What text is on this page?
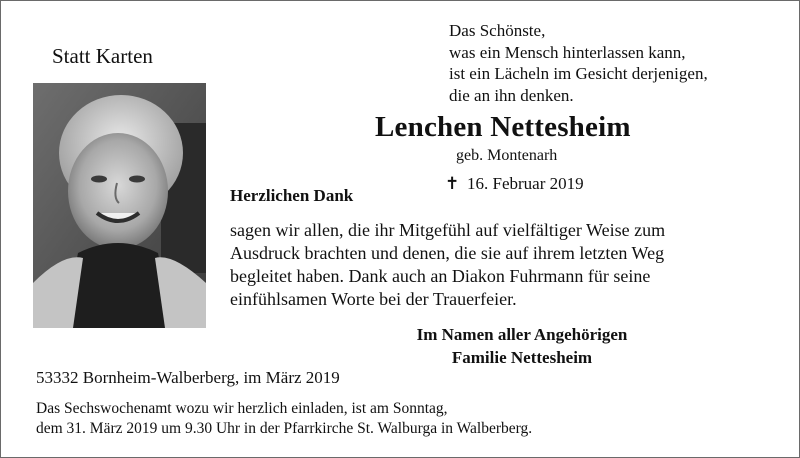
Statt Karten
Das Schönste,
was ein Mensch hinterlassen kann,
ist ein Lächeln im Gesicht derjenigen,
die an ihn denken.
Lenchen Nettesheim
geb. Montenarh
✝ 16. Februar 2019
Herzlichen Dank
sagen wir allen, die ihr Mitgefühl auf vielfältiger Weise zum
Ausdruck brachten und denen, die sie auf ihrem letzten Weg
begleitet haben. Dank auch an Diakon Fuhrmann für seine
einfühlsamen Worte bei der Trauerfeier.
Im Namen aller Angehörigen
Familie Nettesheim
53332 Bornheim-Walberberg, im März 2019
Das Sechswochenamt wozu wir herzlich einladen, ist am Sonntag,
dem 31. März 2019 um 9.30 Uhr in der Pfarrkirche St. Walburga in Walberberg.
